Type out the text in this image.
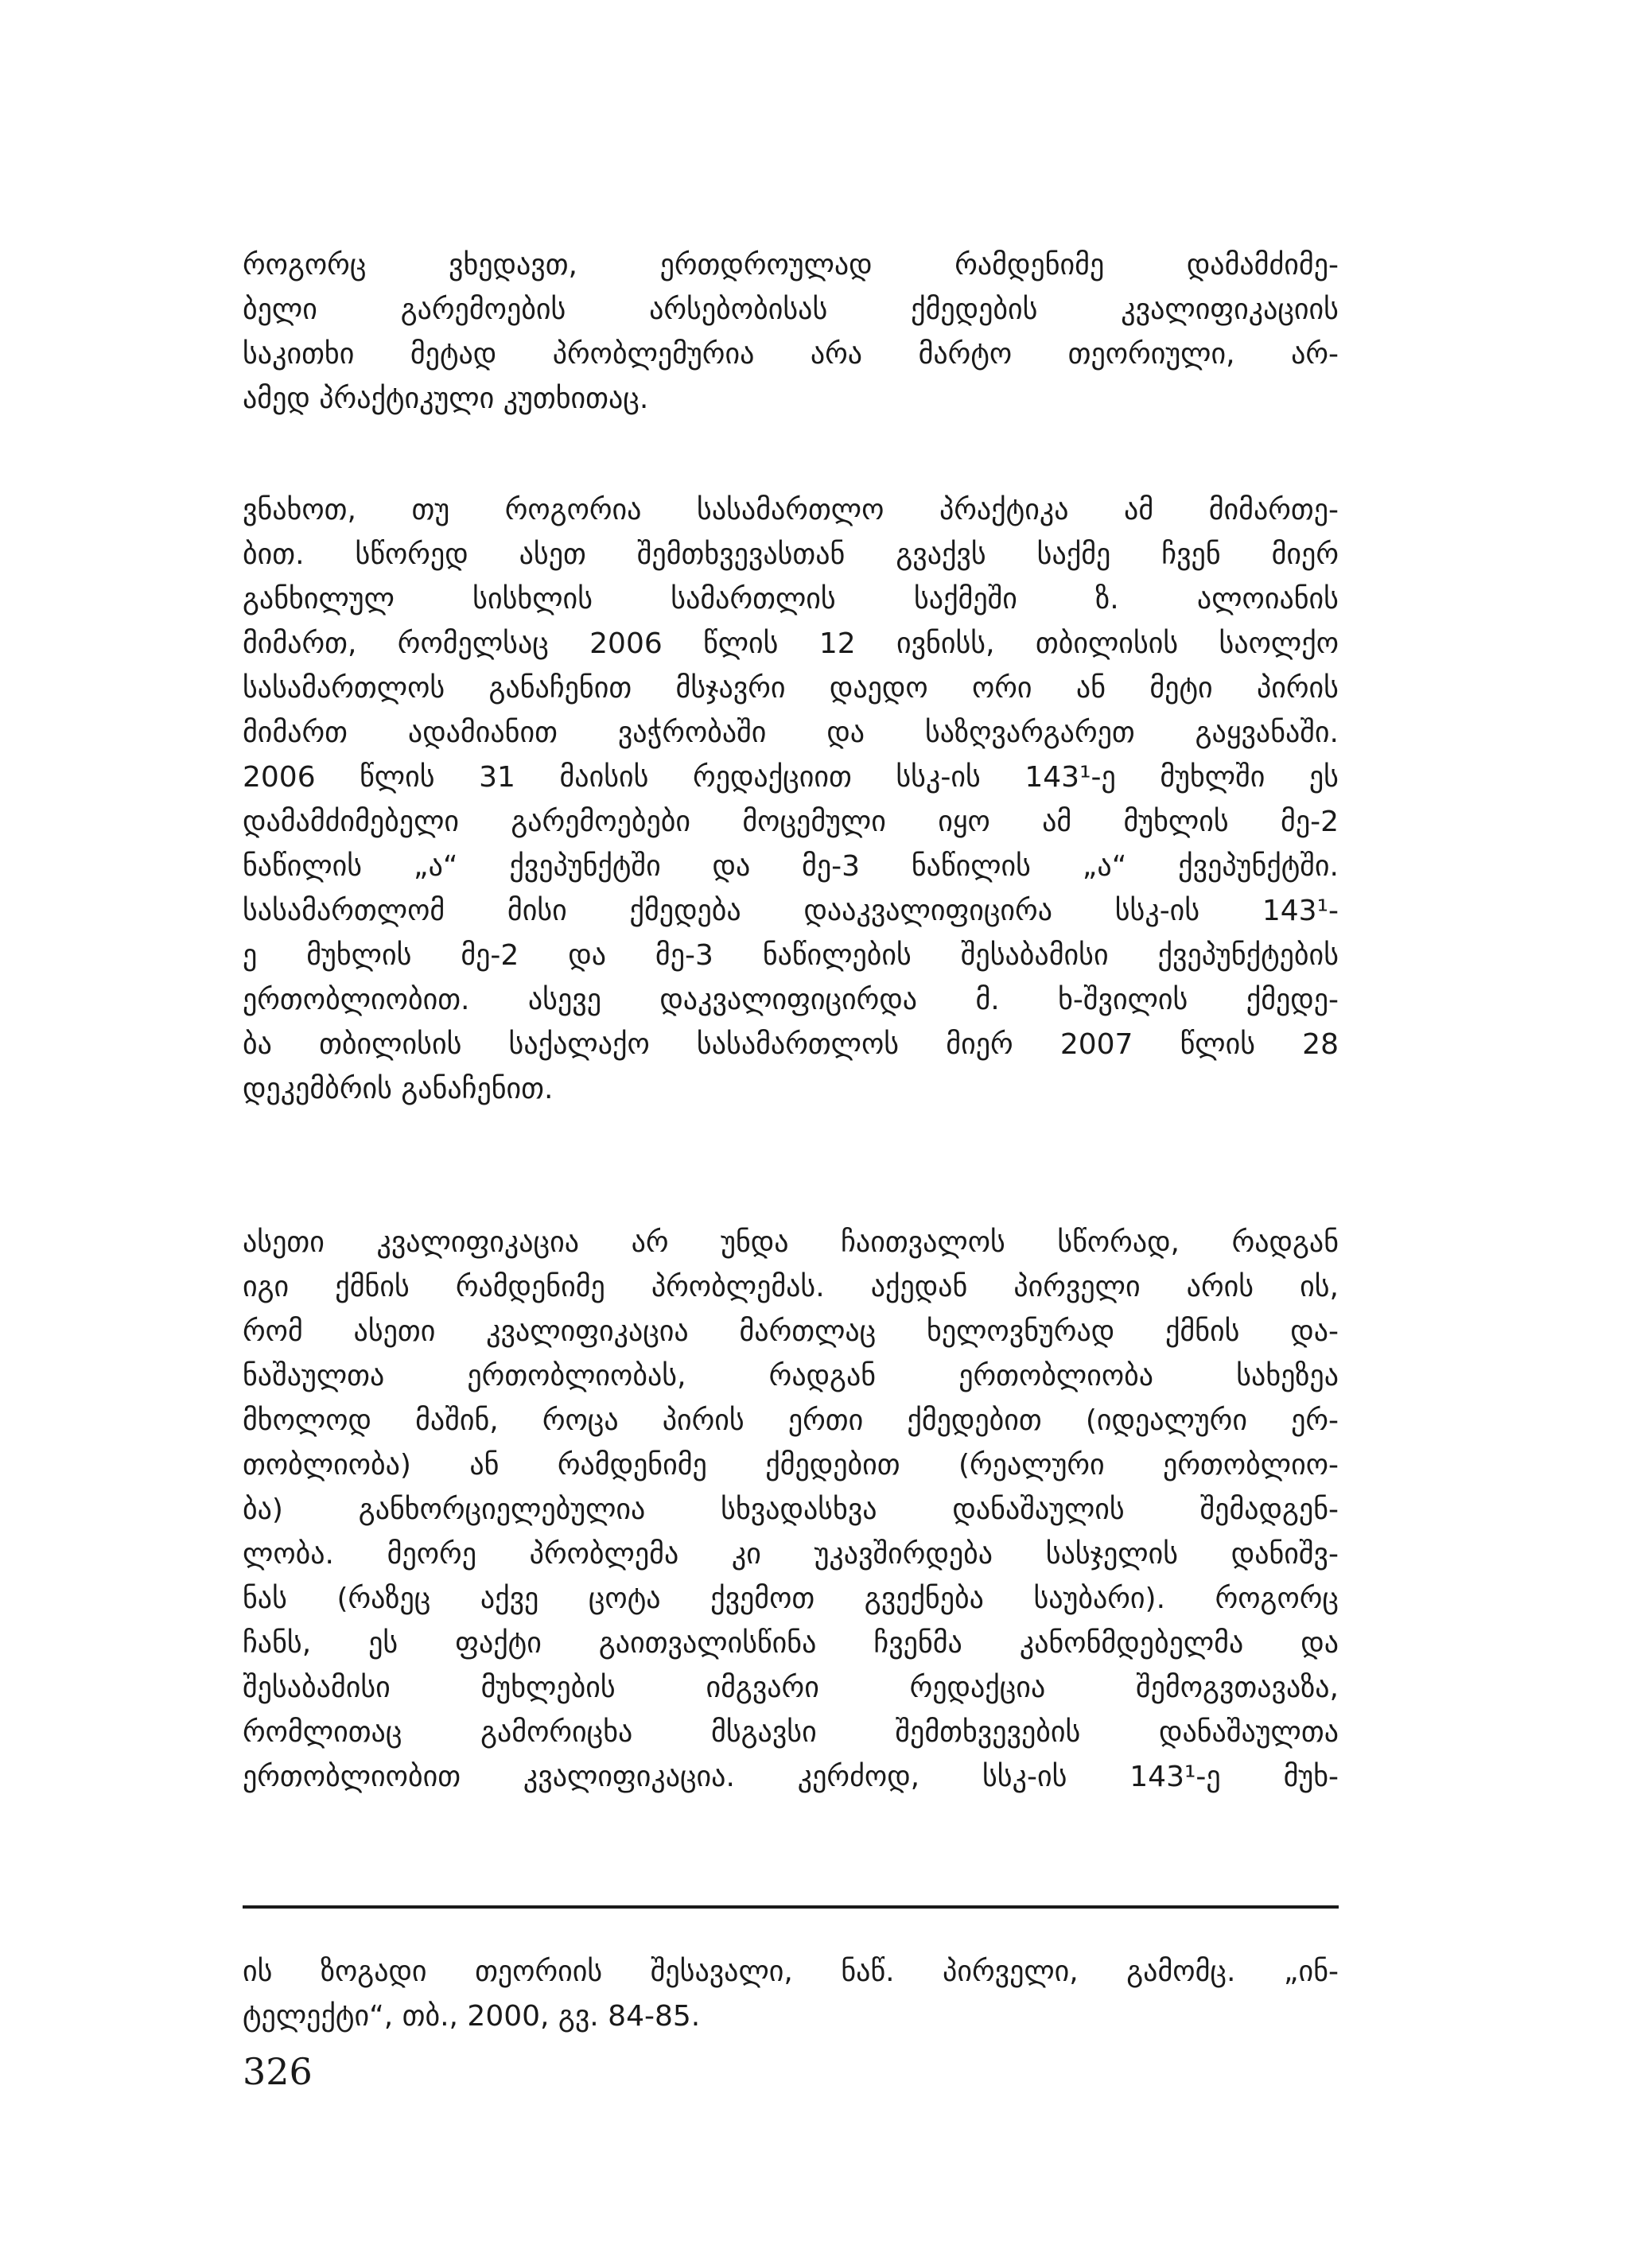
როგორც ვხედავთ, ერთდროულად რამდენიმე დამამძიმე-
ბელი გარემოების არსებობისას ქმედების კვალიფიკაციის
საკითხი მეტად პრობლემურია არა მარტო თეორიული, არ-
ამედ პრაქტიკული კუთხითაც.
ვნახოთ, თუ როგორია სასამართლო პრაქტიკა ამ მიმართე-
ბით. სწორედ ასეთ შემთხვევასთან გვაქვს საქმე ჩვენ მიერ
განხილულ სისხლის სამართლის საქმეში ზ. ალოიანის
მიმართ, რომელსაც 2006 წლის 12 ივნისს, თბილისის საოლქო
სასამართლოს განაჩენით მსჯავრი დაედო ორი ან მეტი პირის
მიმართ ადამიანით ვაჭრობაში და საზღვარგარეთ გაყვანაში.
2006 წლის 31 მაისის რედაქციით სსკ-ის 143¹-ე მუხლში ეს
დამამძიმებელი გარემოებები მოცემული იყო ამ მუხლის მე-2
ნაწილის „ა“ ქვეპუნქტში და მე-3 ნაწილის „ა“ ქვეპუნქტში.
სასამართლომ მისი ქმედება დააკვალიფიცირა სსკ-ის 143¹-
ე მუხლის მე-2 და მე-3 ნაწილების შესაბამისი ქვეპუნქტების
ერთობლიობით. ასევე დაკვალიფიცირდა მ. ხ-შვილის ქმედე-
ბა თბილისის საქალაქო სასამართლოს მიერ 2007 წლის 28
დეკემბრის განაჩენით.
ასეთი კვალიფიკაცია არ უნდა ჩაითვალოს სწორად, რადგან
იგი ქმნის რამდენიმე პრობლემას. აქედან პირველი არის ის,
რომ ასეთი კვალიფიკაცია მართლაც ხელოვნურად ქმნის და-
ნაშაულთა ერთობლიობას, რადგან ერთობლიობა სახეზეა
მხოლოდ მაშინ, როცა პირის ერთი ქმედებით (იდეალური ერ-
თობლიობა) ან რამდენიმე ქმედებით (რეალური ერთობლიო-
ბა) განხორციელებულია სხვადასხვა დანაშაულის შემადგენ-
ლობა. მეორე პრობლემა კი უკავშირდება სასჯელის დანიშვ-
ნას (რაზეც აქვე ცოტა ქვემოთ გვექნება საუბარი). როგორც
ჩანს, ეს ფაქტი გაითვალისწინა ჩვენმა კანონმდებელმა და
შესაბამისი მუხლების იმგვარი რედაქცია შემოგვთავაზა,
რომლითაც გამორიცხა მსგავსი შემთხვევების დანაშაულთა
ერთობლიობით კვალიფიკაცია. კერძოდ, სსკ-ის 143¹-ე მუხ-
ის ზოგადი თეორიის შესავალი, ნაწ. პირველი, გამომც. „ინ-
ტელექტი“, თბ., 2000, გვ. 84-85.
326
